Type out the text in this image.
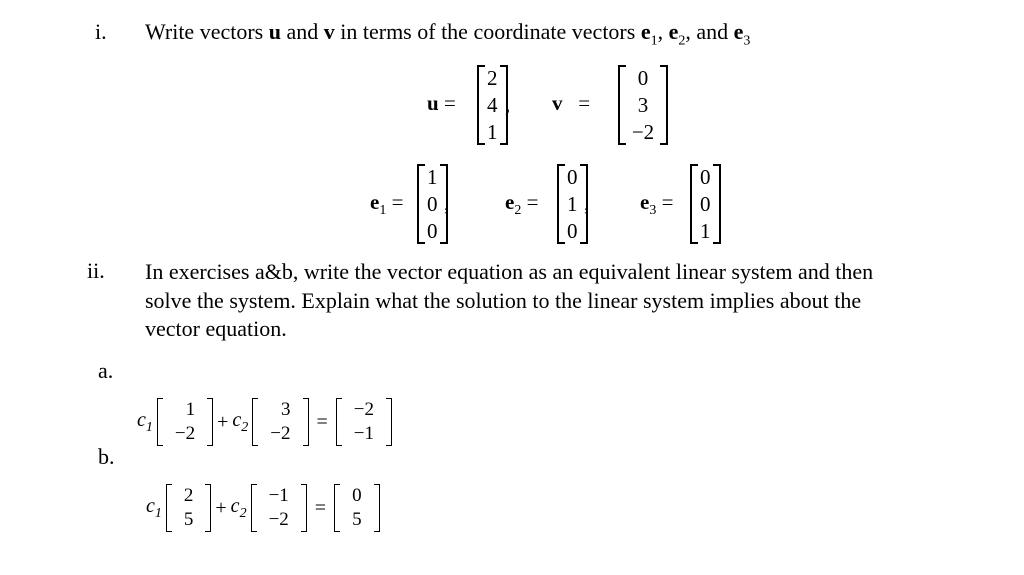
i. Write vectors u and v in terms of the coordinate vectors $e_1$, $e_2$, and $e_3$
u =
2
4
1
, v =
0
3
−2
$e_1$ =
1
0
0
,	$e_2$ =
0
1
0
, $e_3$ =
0
0
1
ii. In exercises a&b, write the vector equation as an equivalent linear system and then
solve the system. Explain what the solution to the linear system implies about the
vector equation.
a.
b.
$c_1$
1
−2
+ $c_2$
3
−2
=
−2
−1
$c_1$
2
5
+ $c_2$
−1
−2
=
0
5
